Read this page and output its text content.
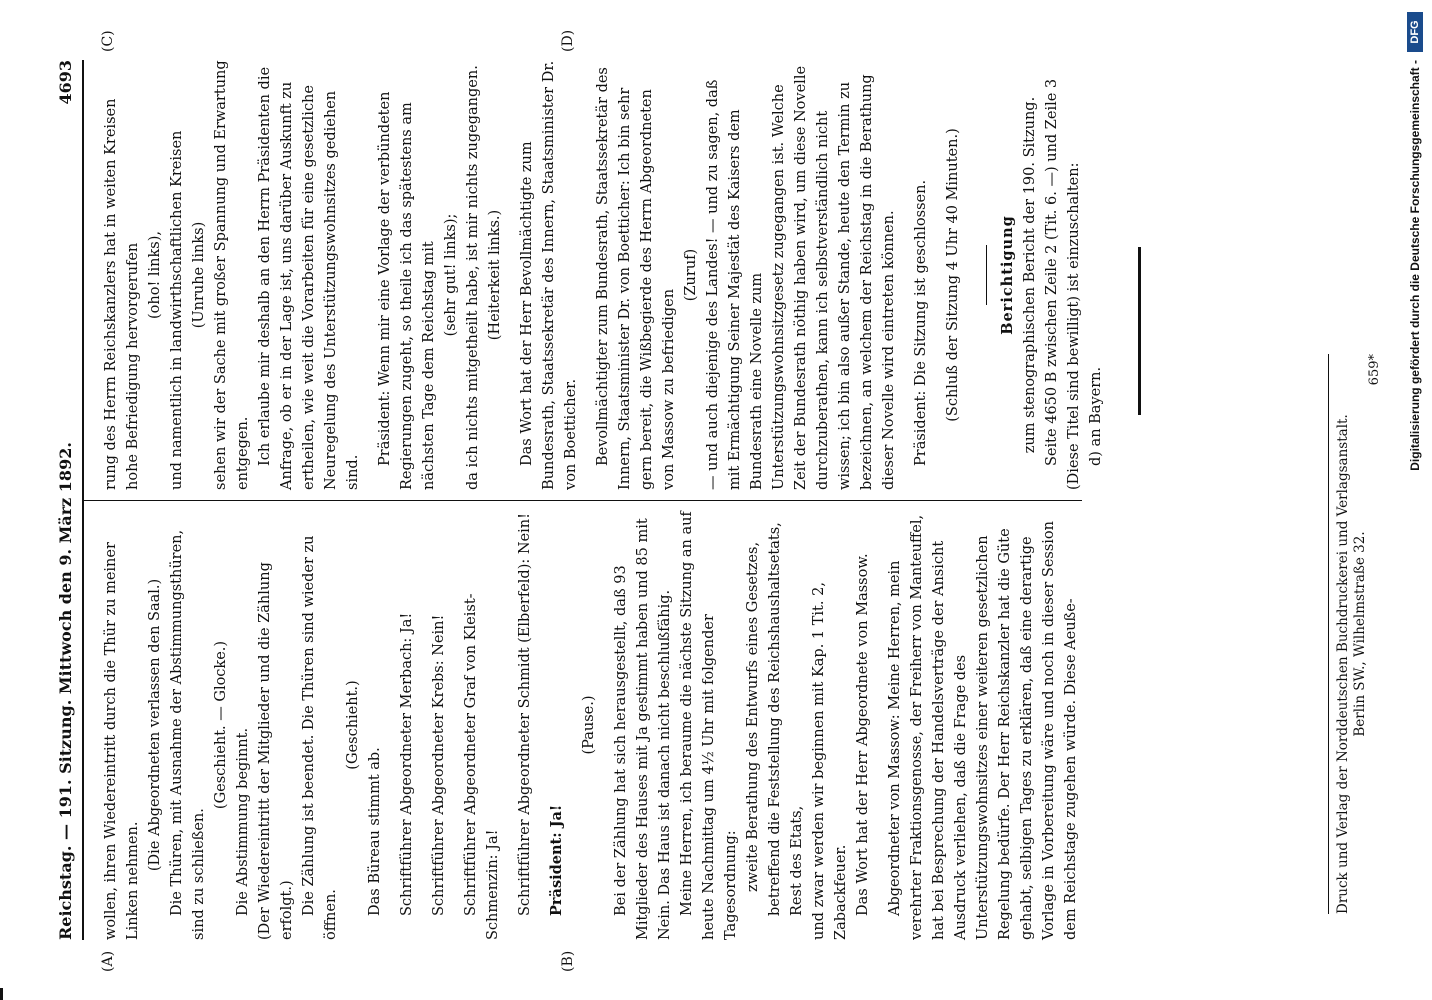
Reichstag. — 191. Sitzung. Mittwoch den 9. März 1892.
4693
(A)	(B)
(C)	(D)

wollen, ihren Wiedereintritt durch die Thür zu meiner Linken nehmen.

(Die Abgeordneten verlassen den Saal.) Die Thüren, mit Ausnahme der Abstimmungsthüren, sind zu schließen.

(Geschieht. — Glocke.)

Die Abstimmung beginnt. (Der Wiedereintritt der Mitglieder und die Zählung erfolgt.) Die Zählung ist beendet. Die Thüren sind wieder zu öffnen.

(Geschieht.)

Das Büreau stimmt ab. Schriftführer Abgeordneter Merbach: Ja! Schriftführer Abgeordneter Krebs: Nein! Schriftführer Abgeordneter Graf von Kleist-Schmenzin: Ja! Schriftführer Abgeordneter Schmidt (Elberfeld): Nein! Präsident: Ja!

(Pause.) Bei der Zählung hat sich herausgestellt, daß 93 Mitglieder des Hauses mit Ja gestimmt haben und 85 mit Nein. Das Haus ist danach nicht beschlußfähig. Meine Herren, ich beraume die nächste Sitzung an auf heute Nachmittag um 4½ Uhr mit folgender Tagesordnung: zweite Berathung des Entwurfs eines Gesetzes, betreffend die Feststellung des Reichshaushaltsetats, Rest des Etats, und zwar werden wir beginnen mit Kap. 1 Tit. 2, Zabackfeuer. Das Wort hat der Herr Abgeordnete von Massow. Abgeordneter von Massow: Meine Herren, mein verehrter Fraktionsgenosse, der Freiherr von Manteuffel, hat bei Besprechung der Handelsverträge der Ansicht Ausdruck verliehen, daß die Frage des Unterstützungswohnsitzes einer weiteren gesetzlichen Regelung bedürfe. Der Herr Reichskanzler hat die Güte gehabt, selbigen Tages zu erklären, daß eine derartige Vorlage in Vorbereitung wäre und noch in dieser Session dem Reichstage zugehen würde. Diese Aeuße-

rung des Herrn Reichskanzlers hat in weiten Kreisen hohe Befriedigung hervorgerufen (oho! links), und namentlich in landwirthschaftlichen Kreisen (Unruhe links) sehen wir der Sache mit großer Spannung und Erwartung entgegen. Ich erlaube mir deshalb an den Herrn Präsidenten die Anfrage, ob er in der Lage ist, uns darüber Auskunft zu ertheilen, wie weit die Vorarbeiten für eine gesetzliche Neuregelung des Unterstützungswohnsitzes gediehen sind.

Präsident: Wenn mir eine Vorlage der verbündeten Regierungen zugeht, so theile ich das spätestens am nächsten Tage dem Reichstag mit (sehr gut! links); da ich nichts mitgetheilt habe, ist mir nichts zugegangen. (Heiterkeit links.) Das Wort hat der Herr Bevollmächtigte zum Bundesrath, Staatssekretär des Innern, Staatsminister Dr. von Boetticher. Bevollmächtigter zum Bundesrath, Staatssekretär des Innern, Staatsminister Dr. von Boetticher: Ich bin sehr gern bereit, die Wißbegierde des Herrn Abgeordneten von Massow zu befriedigen

(Zuruf) — und auch diejenige des Landes! — und zu sagen, daß mit Ermächtigung Seiner Majestät des Kaisers dem Bundesrath eine Novelle zum Unterstützungswohnsitzgesetz zugegangen ist. Welche Zeit der Bundesrath nöthig haben wird, um diese Novelle durchzuberathen, kann ich selbstverständlich nicht wissen; ich bin also außer Stande, heute den Termin zu bezeichnen, an welchem der Reichstag in die Berathung dieser Novelle wird eintreten können. Präsident: Die Sitzung ist geschlossen. (Schluß der Sitzung 4 Uhr 40 Minuten.)	Berichtigung zum stenographischen Bericht der 190. Sitzung. Seite 4650 B zwischen Zeile 2 (Tit. 6. —) und Zeile 3 (Diese Titel sind bewilligt) ist einzuschalten: d) an Bayern.	Druck und Verlag der Norddeutschen Buchdruckerei und Verlagsanstalt. Berlin SW., Wilhelmstraße 32.
659* Digitalisierung gefördert durch die Deutsche Forschungsgemeinschaft -
DFG
